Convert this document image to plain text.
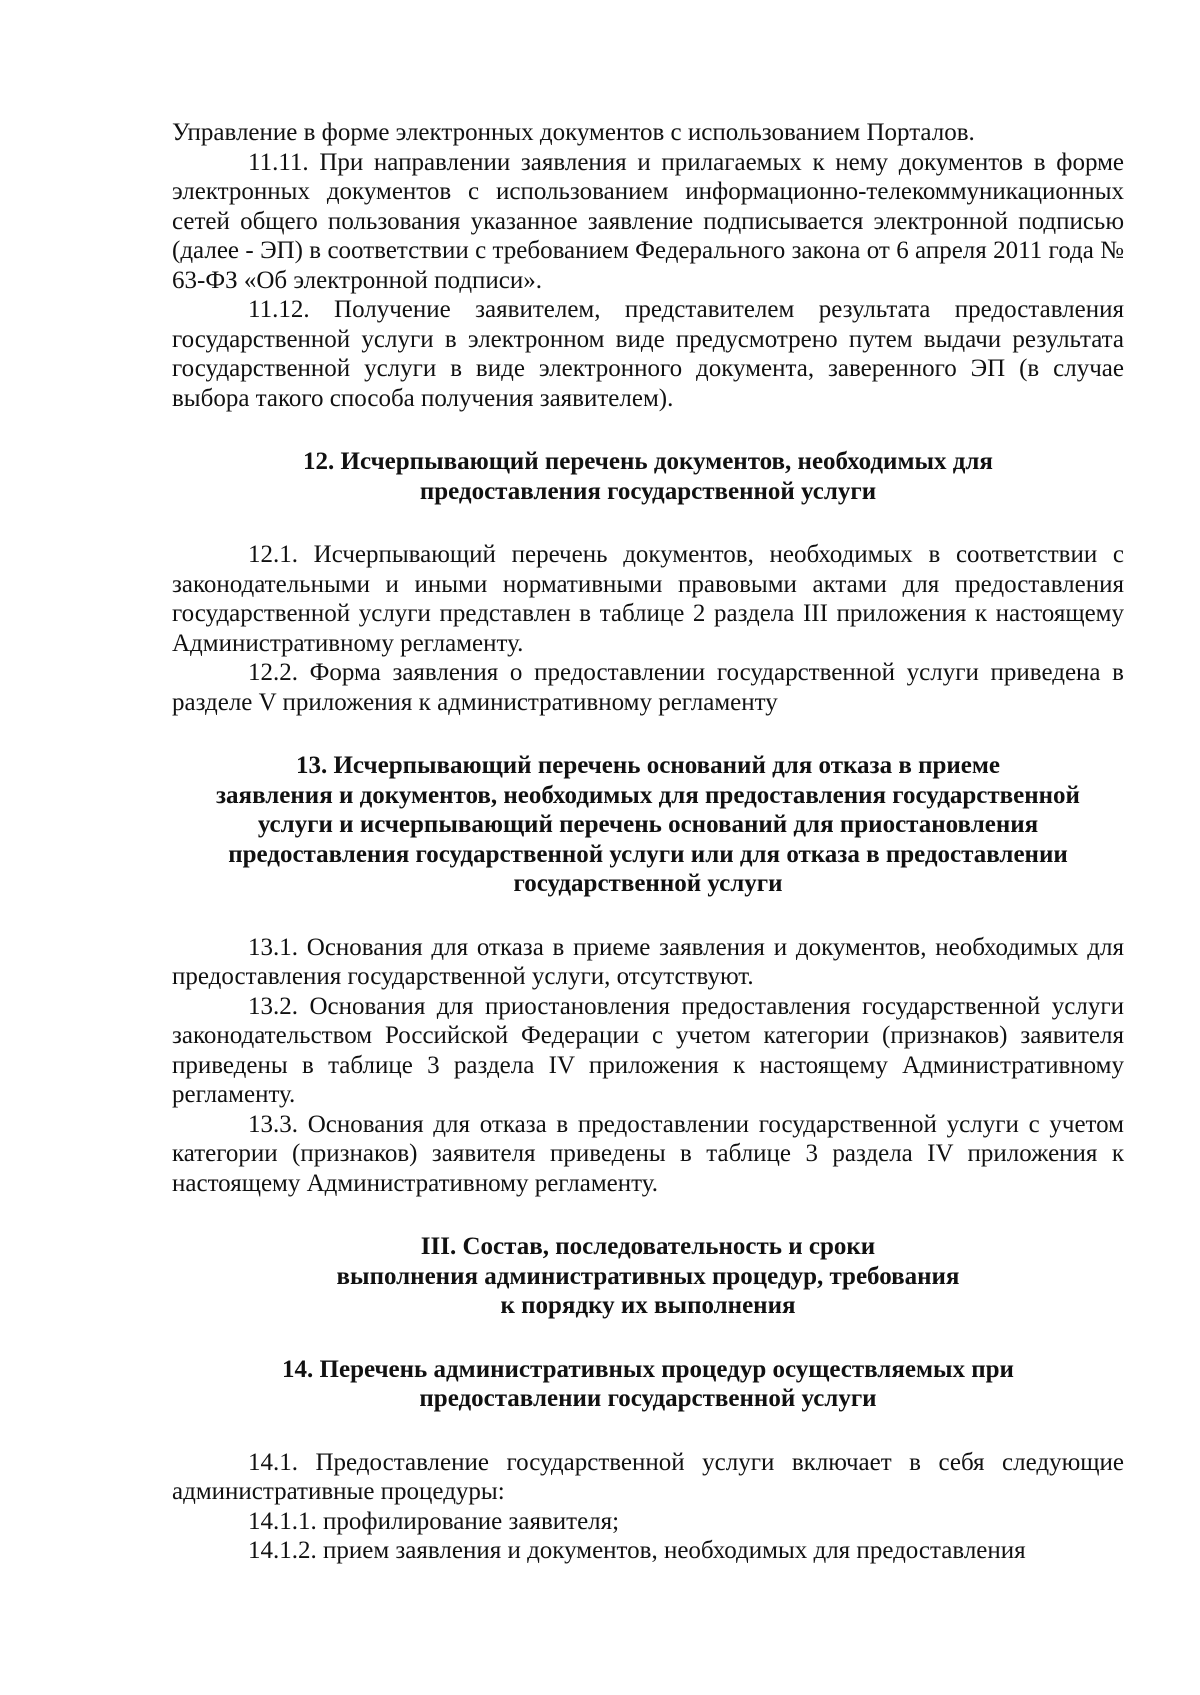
Управление в форме электронных документов с использованием Порталов.

11.11. При направлении заявления и прилагаемых к нему документов в форме электронных документов с использованием информационно-телекоммуникационных сетей общего пользования указанное заявление подписывается электронной подписью (далее - ЭП) в соответствии с требованием Федерального закона от 6 апреля 2011 года № 63-ФЗ «Об электронной подписи».

11.12. Получение заявителем, представителем результата предоставления государственной услуги в электронном виде предусмотрено путем выдачи результата государственной услуги в виде электронного документа, заверенного ЭП (в случае выбора такого способа получения заявителем).

12. Исчерпывающий перечень документов, необходимых для

предоставления государственной услуги

12.1. Исчерпывающий перечень документов, необходимых в соответствии с законодательными и иными нормативными правовыми актами для предоставления государственной услуги представлен в таблице 2 раздела III приложения к настоящему Административному регламенту.

12.2. Форма заявления о предоставлении государственной услуги приведена в разделе V приложения к административному регламенту

13. Исчерпывающий перечень оснований для отказа в приеме

заявления и документов, необходимых для предоставления государственной

услуги и исчерпывающий перечень оснований для приостановления

предоставления государственной услуги или для отказа в предоставлении

государственной услуги

13.1. Основания для отказа в приеме заявления и документов, необходимых для предоставления государственной услуги, отсутствуют.

13.2. Основания для приостановления предоставления государственной услуги законодательством Российской Федерации с учетом категории (признаков) заявителя приведены в таблице 3 раздела IV приложения к настоящему Административному регламенту.

13.3. Основания для отказа в предоставлении государственной услуги с учетом категории (признаков) заявителя приведены в таблице 3 раздела IV приложения к настоящему Административному регламенту.

III. Состав, последовательность и сроки

выполнения административных процедур, требования

к порядку их выполнения

14. Перечень административных процедур осуществляемых при

предоставлении государственной услуги

14.1. Предоставление государственной услуги включает в себя следующие административные процедуры:

14.1.1. профилирование заявителя;

14.1.2. прием заявления и документов, необходимых для предоставления
